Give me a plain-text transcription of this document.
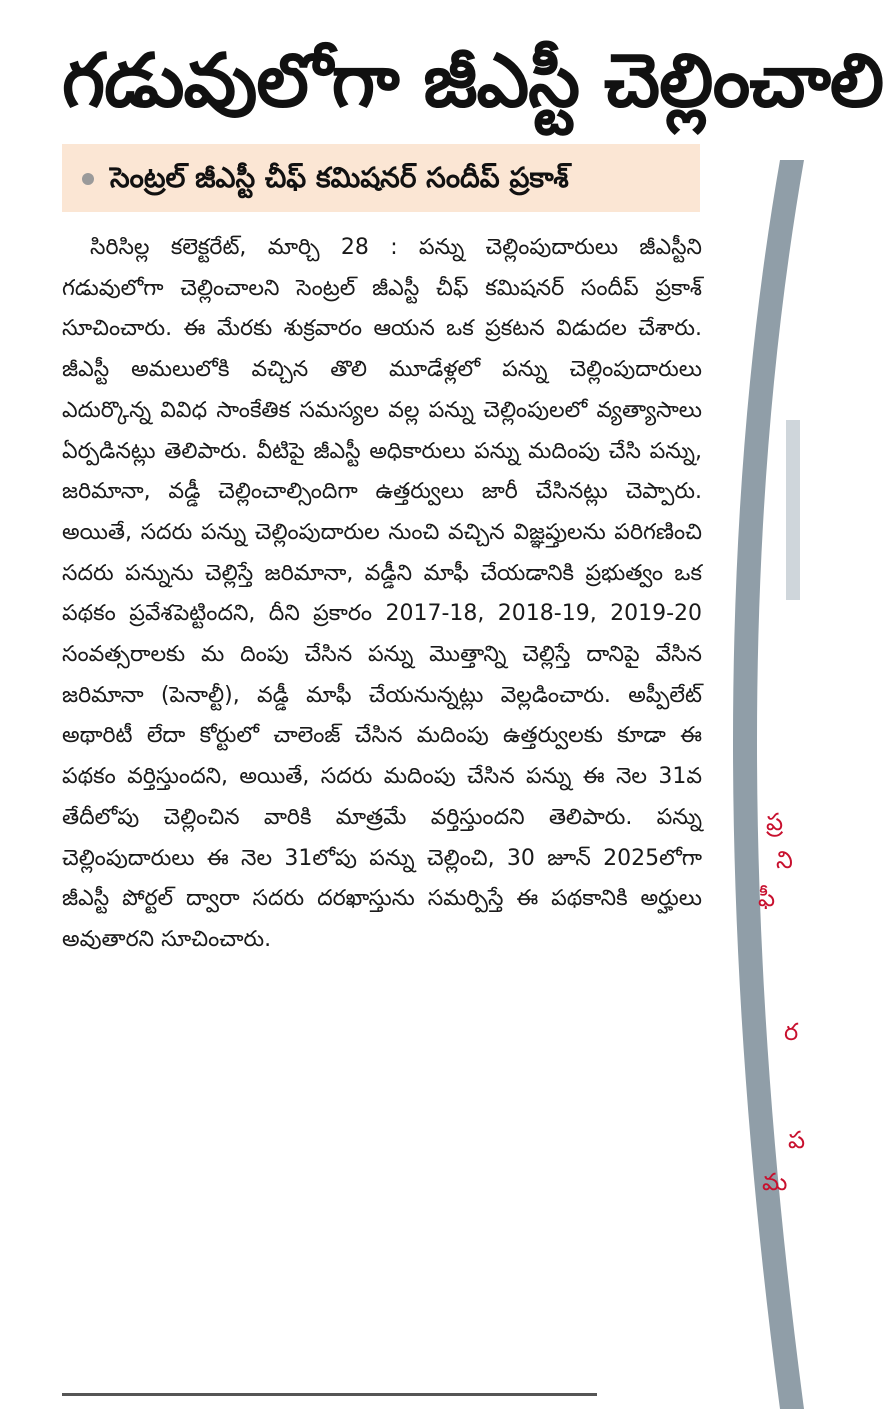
గడువులోగా జీఎస్టీ చెల్లించాలి
సెంట్రల్ జీఎస్టీ చీఫ్ కమిషనర్ సందీప్ ప్రకాశ్
సిరిసిల్ల కలెక్టరేట్, మార్చి 28 : పన్ను చెల్లింపుదారులు జీఎస్టీని గడువులోగా చెల్లించాలని సెంట్రల్ జీఎస్టీ చీఫ్ కమిషనర్ సందీప్ ప్రకాశ్ సూచించారు. ఈ మేరకు శుక్రవారం ఆయన ఒక ప్రకటన విడుదల చేశారు. జీఎస్టీ అమలులోకి వచ్చిన తొలి మూడేళ్లలో పన్ను చెల్లింపుదారులు ఎదుర్కొన్న వివిధ సాంకేతిక సమస్యల వల్ల పన్ను చెల్లింపులలో వ్యత్యాసాలు ఏర్పడినట్లు తెలిపారు. వీటిపై జీఎస్టీ అధికారులు పన్ను మదింపు చేసి పన్ను, జరిమానా, వడ్డీ చెల్లించాల్సిందిగా ఉత్తర్వులు జారీ చేసినట్లు చెప్పారు. అయితే, సదరు పన్ను చెల్లింపుదారుల నుంచి వచ్చిన విజ్ఞప్తులను పరిగణించి సదరు పన్నును చెల్లిస్తే జరిమానా, వడ్డీని మాఫీ చేయడానికి ప్రభుత్వం ఒక పథకం ప్రవేశపెట్టిందని, దీని ప్రకారం 2017-18, 2018-19, 2019-20 సంవత్సరాలకు మ దింపు చేసిన పన్ను మొత్తాన్ని చెల్లిస్తే దానిపై వేసిన జరిమానా (పెనాల్టీ), వడ్డీ మాఫీ చేయనున్నట్లు వెల్లడించారు. అప్పీలేట్ అథారిటీ లేదా కోర్టులో చాలెంజ్ చేసిన మదింపు ఉత్తర్వులకు కూడా ఈ పథకం వర్తిస్తుందని, అయితే, సదరు మదింపు చేసిన పన్ను ఈ నెల 31వ తేదీలోపు చెల్లించిన వారికి మాత్రమే వర్తిస్తుందని తెలిపారు. పన్ను చెల్లింపుదారులు ఈ నెల 31లోపు పన్ను చెల్లించి, 30 జూన్ 2025లోగా జీఎస్టీ పోర్టల్ ద్వారా సదరు దరఖాస్తును సమర్పిస్తే ఈ పథకానికి అర్హులు అవుతారని సూచించారు.
ప్ర
ని
ఫీ
ర
ప
మ
